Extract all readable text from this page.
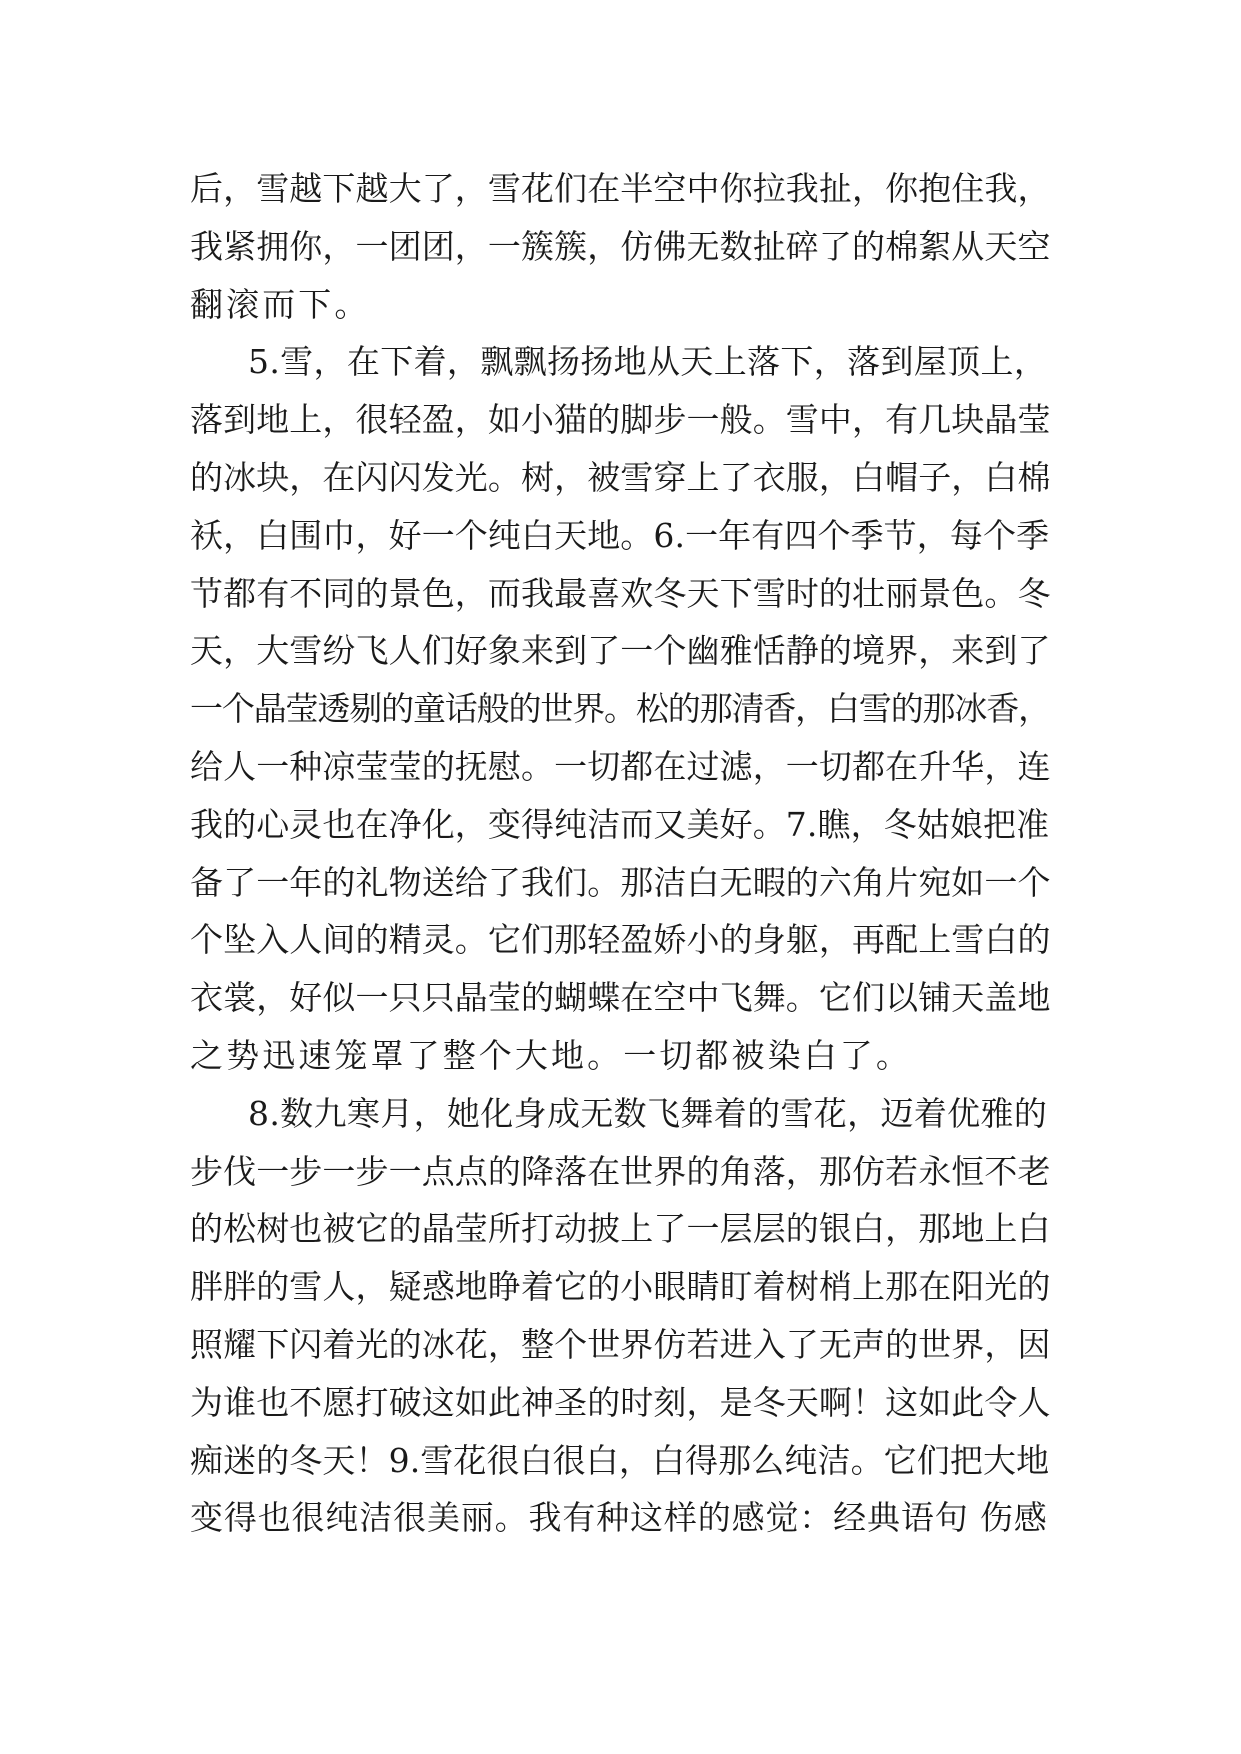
后，雪越下越大了，雪花们在半空中你拉我扯，你抱住我，
我紧拥你，一团团，一簇簇，仿佛无数扯碎了的棉絮从天空
翻滚而下。
5.雪，在下着，飘飘扬扬地从天上落下，落到屋顶上，
落到地上，很轻盈，如小猫的脚步一般。雪中，有几块晶莹
的冰块，在闪闪发光。树，被雪穿上了衣服，白帽子，白棉
袄，白围巾，好一个纯白天地。6.一年有四个季节，每个季
节都有不同的景色，而我最喜欢冬天下雪时的壮丽景色。冬
天，大雪纷飞人们好象来到了一个幽雅恬静的境界，来到了
一个晶莹透剔的童话般的世界。松的那清香，白雪的那冰香，
给人一种凉莹莹的抚慰。一切都在过滤，一切都在升华，连
我的心灵也在净化，变得纯洁而又美好。7.瞧，冬姑娘把准
备了一年的礼物送给了我们。那洁白无暇的六角片宛如一个
个坠入人间的精灵。它们那轻盈娇小的身躯，再配上雪白的
衣裳，好似一只只晶莹的蝴蝶在空中飞舞。它们以铺天盖地
之势迅速笼罩了整个大地。一切都被染白了。
8.数九寒月，她化身成无数飞舞着的雪花，迈着优雅的
步伐一步一步一点点的降落在世界的角落，那仿若永恒不老
的松树也被它的晶莹所打动披上了一层层的银白，那地上白
胖胖的雪人，疑惑地睁着它的小眼睛盯着树梢上那在阳光的
照耀下闪着光的冰花，整个世界仿若进入了无声的世界，因
为谁也不愿打破这如此神圣的时刻，是冬天啊！这如此令人
痴迷的冬天！9.雪花很白很白，白得那么纯洁。它们把大地
变得也很纯洁很美丽。我有种这样的感觉：经典语句 伤感
